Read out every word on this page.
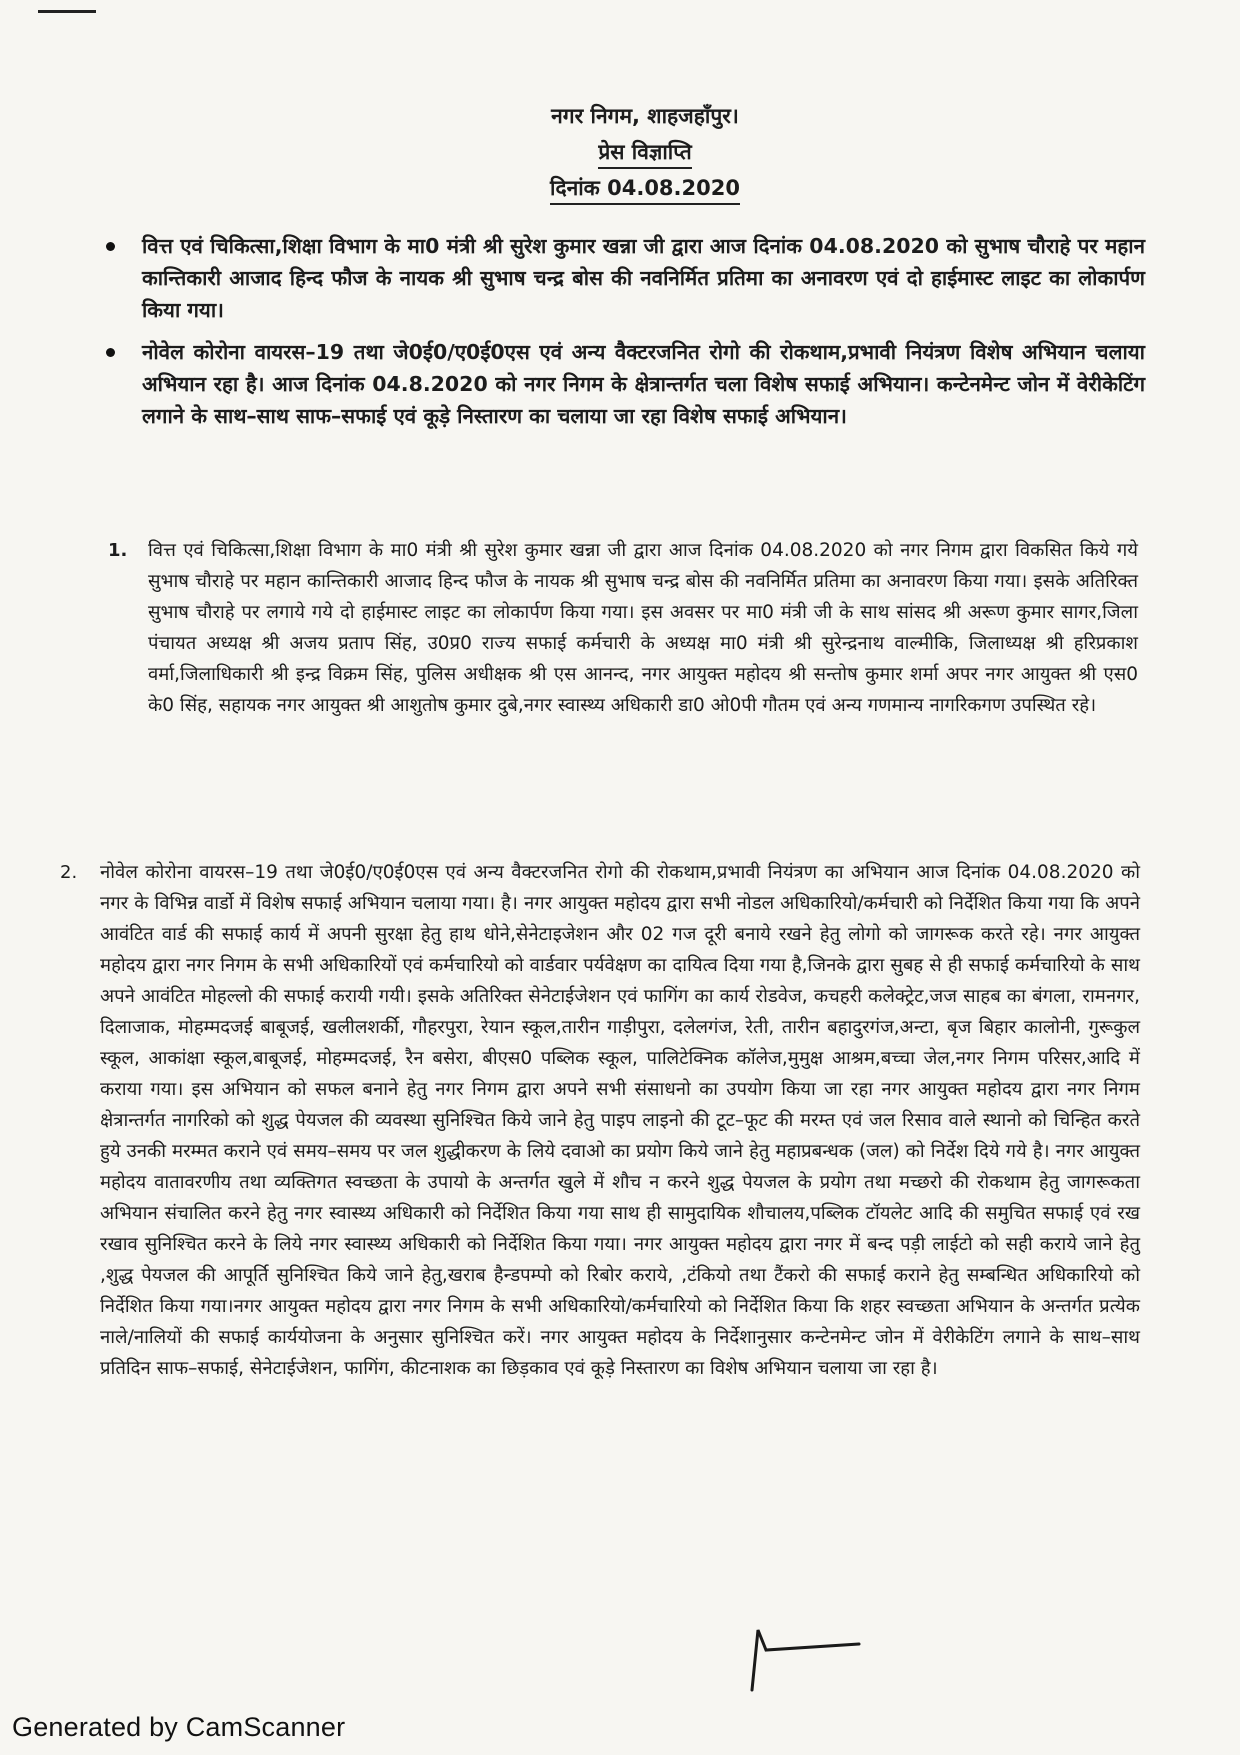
नगर निगम, शाहजहाँपुर।
प्रेस विज्ञाप्ति
दिनांक 04.08.2020
वित्त एवं चिकित्सा,शिक्षा विभाग के मा0 मंत्री श्री सुरेश कुमार खन्ना जी द्वारा आज दिनांक 04.08.2020 को सुभाष चौराहे पर महान कान्तिकारी आजाद हिन्द फौज के नायक श्री सुभाष चन्द्र बोस की नवनिर्मित प्रतिमा का अनावरण एवं दो हाईमास्ट लाइट का लोकार्पण किया गया।
नोवेल कोरोना वायरस–19 तथा जे0ई0/ए0ई0एस एवं अन्य वैक्टरजनित रोगो की रोकथाम,प्रभावी नियंत्रण विशेष अभियान चलाया अभियान रहा है। आज दिनांक 04.8.2020 को नगर निगम के क्षेत्रान्तर्गत चला विशेष सफाई अभियान। कन्टेनमेन्ट जोन में वेरीकेटिंग लगाने के साथ–साथ साफ–सफाई एवं कूड़े निस्तारण का चलाया जा रहा विशेष सफाई अभियान।
1. वित्त एवं चिकित्सा,शिक्षा विभाग के मा0 मंत्री श्री सुरेश कुमार खन्ना जी द्वारा आज दिनांक 04.08.2020 को नगर निगम द्वारा विकसित किये गये सुभाष चौराहे पर महान कान्तिकारी आजाद हिन्द फौज के नायक श्री सुभाष चन्द्र बोस की नवनिर्मित प्रतिमा का अनावरण किया गया। इसके अतिरिक्त सुभाष चौराहे पर लगाये गये दो हाईमास्ट लाइट का लोकार्पण किया गया। इस अवसर पर मा0 मंत्री जी के साथ सांसद श्री अरूण कुमार सागर,जिला पंचायत अध्यक्ष श्री अजय प्रताप सिंह, उ0प्र0 राज्य सफाई कर्मचारी के अध्यक्ष मा0 मंत्री श्री सुरेन्द्रनाथ वाल्मीकि, जिलाध्यक्ष श्री हरिप्रकाश वर्मा,जिलाधिकारी श्री इन्द्र विक्रम सिंह, पुलिस अधीक्षक श्री एस आनन्द, नगर आयुक्त महोदय श्री सन्तोष कुमार शर्मा अपर नगर आयुक्त श्री एस0 के0 सिंह, सहायक नगर आयुक्त श्री आशुतोष कुमार दुबे,नगर स्वास्थ्य अधिकारी डा0 ओ0पी गौतम एवं अन्य गणमान्य नागरिकगण उपस्थित रहे।
2. नोवेल कोरोना वायरस–19 तथा जे0ई0/ए0ई0एस एवं अन्य वैक्टरजनित रोगो की रोकथाम,प्रभावी नियंत्रण का अभियान आज दिनांक 04.08.2020 को नगर के विभिन्न वार्डो में विशेष सफाई अभियान चलाया गया। है। नगर आयुक्त महोदय द्वारा सभी नोडल अधिकारियो/कर्मचारी को निर्देशित किया गया कि अपने आवंटित वार्ड की सफाई कार्य में अपनी सुरक्षा हेतु हाथ धोने,सेनेटाइजेशन और 02 गज दूरी बनाये रखने हेतु लोगो को जागरूक करते रहे। नगर आयुक्त महोदय द्वारा नगर निगम के सभी अधिकारियों एवं कर्मचारियो को वार्डवार पर्यवेक्षण का दायित्व दिया गया है,जिनके द्वारा सुबह से ही सफाई कर्मचारियो के साथ अपने आवंटित मोहल्लो की सफाई करायी गयी। इसके अतिरिक्त सेनेटाईजेशन एवं फागिंग का कार्य रोडवेज, कचहरी कलेक्ट्रेट,जज साहब का बंगला, रामनगर, दिलाजाक, मोहम्मदजई बाबूजई, खलीलशर्की, गौहरपुरा, रेयान स्कूल,तारीन गाड़ीपुरा, दलेलगंज, रेती, तारीन बहादुरगंज,अन्टा, बृज बिहार कालोनी, गुरूकुल स्कूल, आकांक्षा स्कूल,बाबूजई, मोहम्मदजई, रैन बसेरा, बीएस0 पब्लिक स्कूल, पालिटेक्निक कॉलेज,मुमुक्ष आश्रम,बच्चा जेल,नगर निगम परिसर,आदि में कराया गया। इस अभियान को सफल बनाने हेतु नगर निगम द्वारा अपने सभी संसाधनो का उपयोग किया जा रहा नगर आयुक्त महोदय द्वारा नगर निगम क्षेत्रान्तर्गत नागरिको को शुद्ध पेयजल की व्यवस्था सुनिश्चित किये जाने हेतु पाइप लाइनो की टूट–फूट की मरम्त एवं जल रिसाव वाले स्थानो को चिन्हित करते हुये उनकी मरम्मत कराने एवं समय–समय पर जल शुद्धीकरण के लिये दवाओ का प्रयोग किये जाने हेतु महाप्रबन्धक (जल) को निर्देश दिये गये है। नगर आयुक्त महोदय वातावरणीय तथा व्यक्तिगत स्वच्छता के उपायो के अन्तर्गत खुले में शौच न करने शुद्ध पेयजल के प्रयोग तथा मच्छरो की रोकथाम हेतु जागरूकता अभियान संचालित करने हेतु नगर स्वास्थ्य अधिकारी को निर्देशित किया गया साथ ही सामुदायिक शौचालय,पब्लिक टॉयलेट आदि की समुचित सफाई एवं रख रखाव सुनिश्चित करने के लिये नगर स्वास्थ्य अधिकारी को निर्देशित किया गया। नगर आयुक्त महोदय द्वारा नगर में बन्द पड़ी लाईटो को सही कराये जाने हेतु ,शुद्ध पेयजल की आपूर्ति सुनिश्चित किये जाने हेतु,खराब हैन्डपम्पो को रिबोर कराये, ,टंकियो तथा टैंकरो की सफाई कराने हेतु सम्बन्धित अधिकारियो को निर्देशित किया गया।नगर आयुक्त महोदय द्वारा नगर निगम के सभी अधिकारियो/कर्मचारियो को निर्देशित किया कि शहर स्वच्छता अभियान के अन्तर्गत प्रत्येक नाले/नालियों की सफाई कार्ययोजना के अनुसार सुनिश्चित करें। नगर आयुक्त महोदय के निर्देशानुसार कन्टेनमेन्ट जोन में वेरीकेटिंग लगाने के साथ–साथ प्रतिदिन साफ–सफाई, सेनेटाईजेशन, फागिंग, कीटनाशक का छिड़काव एवं कूड़े निस्तारण का विशेष अभियान चलाया जा रहा है।
Generated by CamScanner
